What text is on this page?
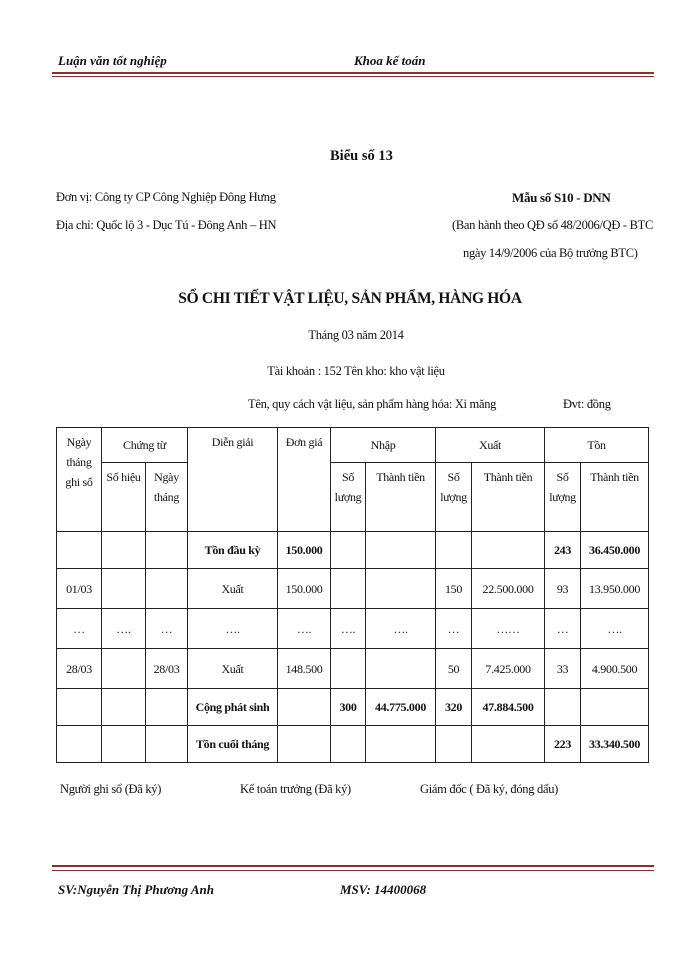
Luận văn tốt nghiệp	Khoa kế toán
Biểu số 13
Đơn vị: Công ty CP Công Nghiệp Đông Hưng
Địa chỉ: Quốc lộ 3 - Dục Tú - Đông Anh – HN
Mẫu số S10 - DNN
(Ban hành theo QĐ số 48/2006/QĐ - BTC
ngày 14/9/2006 của Bộ trưởng BTC)
SỔ CHI TIẾT VẬT LIỆU, SẢN PHẨM, HÀNG HÓA
Tháng 03 năm 2014
Tài khoản : 152 Tên kho: kho vật liệu
Tên, quy cách vật liệu, sản phẩm hàng hóa: Xi măng	Đvt: đồng
Ngày tháng ghi sổ	Chứng từ		Diễn giải	Đơn giá	Nhập		Xuất		Tồn	
	Số hiệu	Ngày tháng			Số lượng	Thành tiền	Số lượng	Thành tiền	Số lượng	Thành tiền
			Tồn đầu kỳ	150.000					243	36.450.000
01/03			Xuất	150.000			150	22.500.000	93	13.950.000
…	….	…	….	….	….	….	…	……	…	….
28/03		28/03	Xuất	148.500			50	7.425.000	33	4.900.500
			Cộng phát sinh		300	44.775.000	320	47.884.500		
			Tồn cuối tháng						223	33.340.500
Người ghi sổ (Đã ký)	Kế toán trưởng (Đã ký)	Giám đốc ( Đã ký, đóng dấu)
SV:Nguyễn Thị Phương Anh	MSV: 14400068
